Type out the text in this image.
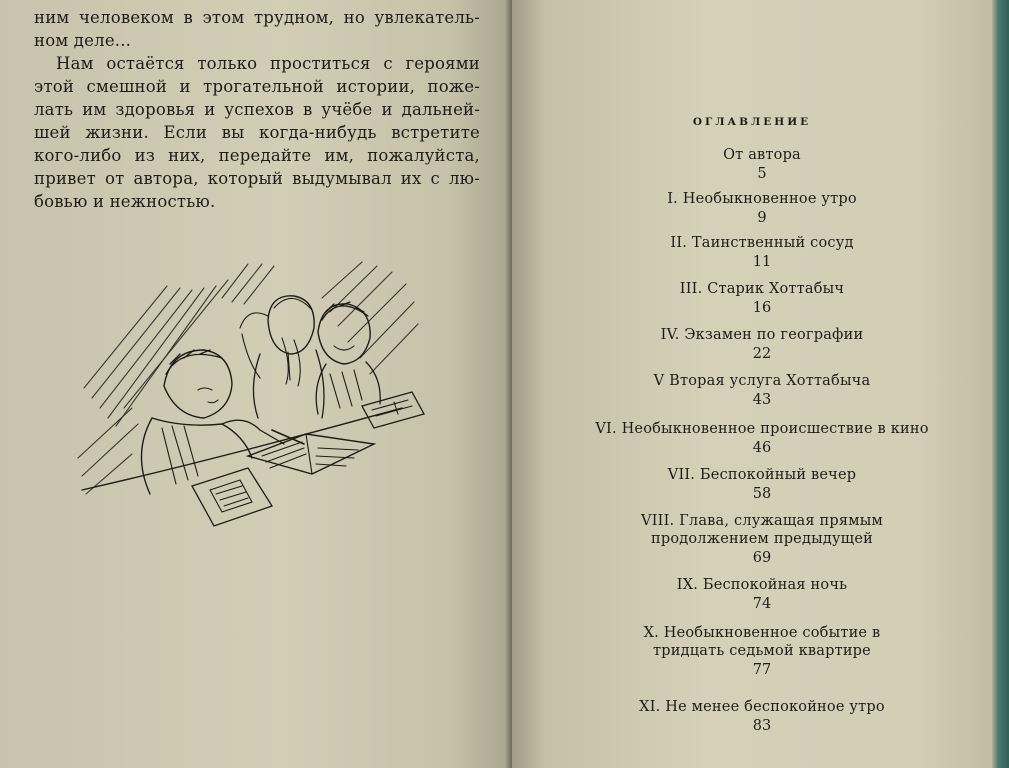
ним человеком в этом трудном, но увлекатель-ном деле...

Нам остаётся только проститься с героями этой смешной и трогательной истории, поже-лать им здоровья и успехов в учёбе и дальней-шей жизни. Если вы когда-нибудь встретите кого-либо из них, передайте им, пожалуйста, привет от автора, который выдумывал их с лю-бовью и нежностью.

ОГЛАВЛЕНИЕ
От автора
5
I. Необыкновенное утро
9
II. Таинственный сосуд
11
III. Старик Хоттабыч
16
IV. Экзамен по географии
22
V Вторая услуга Хоттабыча
43
VI. Необыкновенное происшествие в кино
46
VII. Беспокойный вечер
58
VIII. Глава, служащая прямым продолжением предыдущей
69
IX. Беспокойная ночь
74
X. Необыкновенное событие в тридцать седьмой квартире
77
XI. Не менее беспокойное утро
83
